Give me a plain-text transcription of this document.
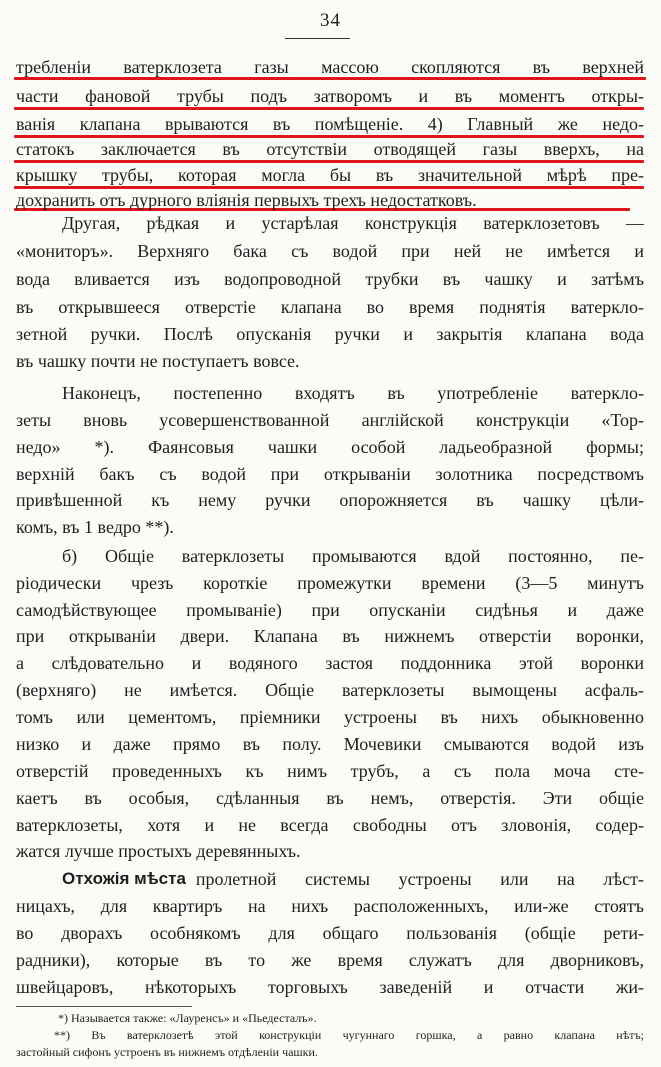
34
требленіи ватерклозета газы массою скопляются въ верхней
части фановой трубы подъ затворомъ и въ моментъ откры-
ванія клапана врываются въ помѣщеніе. 4) Главный же недо-
статокъ заключается въ отсутствіи отводящей газы вверхъ, на
крышку трубы, которая могла бы въ значительной мѣрѣ пре-
дохранить отъ дурного вліянія первыхъ трехъ недостатковъ.
Другая, рѣдкая и устарѣлая конструкція ватерклозетовъ —
«мониторъ». Верхняго бака съ водой при ней не имѣется и
вода вливается изъ водопроводной трубки въ чашку и затѣмъ
въ открывшееся отверстіе клапана во время поднятія ватерклo-
зетной ручки. Послѣ опусканія ручки и закрытія клапана вода
въ чашку почти не поступаетъ вовсе.
Наконецъ, постепенно входятъ въ употребленіе ватерклo-
зеты вновь усовершенствованной англійской конструкціи «Тор-
недо» *). Фаянсовыя чашки особой ладьеобразной формы;
верхній бакъ съ водой при открываніи золотника посредствомъ
привѣшенной къ нему ручки опорожняется въ чашку цѣли-
комъ, въ 1 ведро **).
б) Общіе ватерклозеты промываются вдой постоянно, пе-
ріодически чрезъ короткіе промежутки времени (3—5 минутъ
самодѣйствующее промываніе) при опусканіи сидѣнья и даже
при открываніи двери. Клапана въ нижнемъ отверстіи воронки,
а слѣдовательно и водяного застоя поддонника этой воронки
(верхняго) не имѣется. Общіе ватерклозеты вымощены асфаль-
томъ или цементомъ, пріемники устроены въ нихъ обыкновенно
низко и даже прямо въ полу. Мочевики смываются водой изъ
отверстій проведенныхъ къ нимъ трубъ, а съ пола моча сте-
каетъ въ особыя, сдѣланныя въ немъ, отверстія. Эти общіе
ватерклозеты, хотя и не всегда свободны отъ зловонія, содер-
жатся лучше простыхъ деревянныхъ.
Отхожія мѣста пролетной системы устроены или на лѣст-
ницахъ, для квартиръ на нихъ расположенныхъ, или-же стоятъ
во дворахъ особнякомъ для общаго пользованія (общіе рети-
радники), которые въ то же время служатъ для дворниковъ,
швейцаровъ, нѣкоторыхъ торговыхъ заведеній и отчасти жи-
*) Называется также: «Лауренсъ» и «Пьедесталъ».
**) Въ ватерклозетѣ этой конструкціи чугуннаго горшка, а равно клапана нѣтъ;
застойный сифонъ устроенъ въ нижнемъ отдѣленіи чашки.
